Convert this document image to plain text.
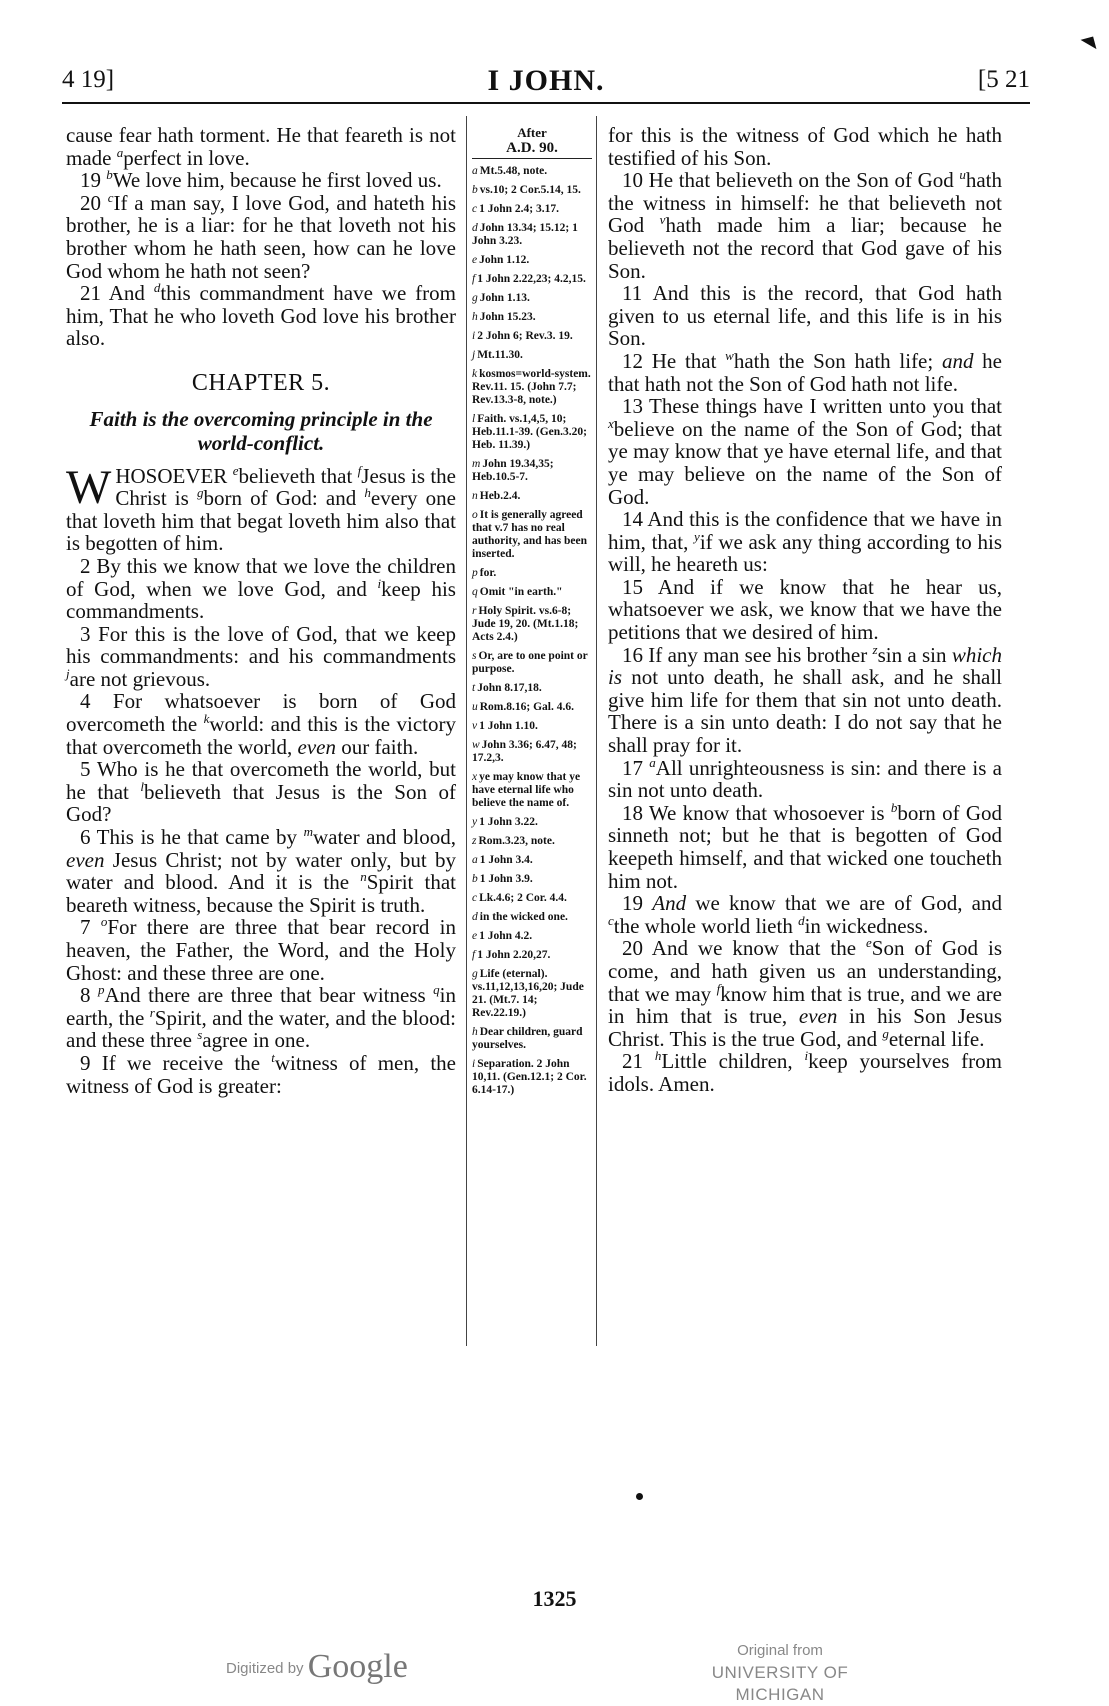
4 19]	I JOHN.	[5 21

cause fear hath torment. He that feareth is not made $^a$perfect in love.

19 $^b$We love him, because he first loved us.

20 $^c$If a man say, I love God, and hateth his brother, he is a liar: for he that loveth not his brother whom he hath seen, how can he love God whom he hath not seen?

21 And $^d$this commandment have we from him, That he who loveth God love his brother also.

CHAPTER 5.

Faith is the overcoming principle in the world-conflict.

WHOSOEVER $^e$believeth that $^f$Jesus is the Christ is $^g$born of God: and $^h$every one that loveth him that begat loveth him also that is begotten of him.

2 By this we know that we love the children of God, when we love God, and $^i$keep his commandments.

3 For this is the love of God, that we keep his commandments: and his commandments $^j$are not grievous.

4 For whatsoever is born of God overcometh the $^k$world: and this is the victory that overcometh the world, even our faith.

5 Who is he that overcometh the world, but he that $^l$believeth that Jesus is the Son of God?

6 This is he that came by $^m$water and blood, even Jesus Christ; not by water only, but by water and blood. And it is the $^n$Spirit that beareth witness, because the Spirit is truth.

7 $^o$For there are three that bear record in heaven, the Father, the Word, and the Holy Ghost: and these three are one.

8 $^p$And there are three that bear witness $^q$in earth, the $^r$Spirit, and the water, and the blood: and these three $^s$agree in one.

9 If we receive the $^t$witness of men, the witness of God is greater:

After
A.D. 90.
a Mt.5.48, note.
b vs.10; 2 Cor.5.14, 15.
c 1 John 2.4; 3.17.
d John 13.34; 15.12; 1 John 3.23.
e John 1.12.
f 1 John 2.22,23; 4.2,15.
g John 1.13.
h John 15.23.
i 2 John 6; Rev.3. 19.
j Mt.11.30.
k kosmos=world-system. Rev.11. 15. (John 7.7; Rev.13.3-8, note.)
l Faith. vs.1,4,5, 10; Heb.11.1-39. (Gen.3.20; Heb. 11.39.)
m John 19.34,35; Heb.10.5-7.
n Heb.2.4.
o It is generally agreed that v.7 has no real authority, and has been inserted.
p for.
q Omit "in earth."
r Holy Spirit. vs.6-8; Jude 19, 20. (Mt.1.18; Acts 2.4.)
s Or, are to one point or purpose.
t John 8.17,18.
u Rom.8.16; Gal. 4.6.
v 1 John 1.10.
w John 3.36; 6.47, 48; 17.2,3.
x ye may know that ye have eternal life who believe the name of.
y 1 John 3.22.
z Rom.3.23, note.
a 1 John 3.4.
b 1 John 3.9.
c Lk.4.6; 2 Cor. 4.4.
d in the wicked one.
e 1 John 4.2.
f 1 John 2.20,27.
g Life (eternal). vs.11,12,13,16,20; Jude 21. (Mt.7. 14; Rev.22.19.)
h Dear children, guard yourselves.
i Separation. 2 John 10,11. (Gen.12.1; 2 Cor. 6.14-17.)

for this is the witness of God which he hath testified of his Son.

10 He that believeth on the Son of God $^u$hath the witness in himself: he that believeth not God $^v$hath made him a liar; because he believeth not the record that God gave of his Son.

11 And this is the record, that God hath given to us eternal life, and this life is in his Son.

12 He that $^w$hath the Son hath life; and he that hath not the Son of God hath not life.

13 These things have I written unto you that $^x$believe on the name of the Son of God; that ye may know that ye have eternal life, and that ye may believe on the name of the Son of God.

14 And this is the confidence that we have in him, that, $^y$if we ask any thing according to his will, he heareth us:

15 And if we know that he hear us, whatsoever we ask, we know that we have the petitions that we desired of him.

16 If any man see his brother $^z$sin a sin which is not unto death, he shall ask, and he shall give him life for them that sin not unto death. There is a sin unto death: I do not say that he shall pray for it.

17 $^a$All unrighteousness is sin: and there is a sin not unto death.

18 We know that whosoever is $^b$born of God sinneth not; but he that is begotten of God keepeth himself, and that wicked one toucheth him not.

19 And we know that we are of God, and $^c$the whole world lieth $^d$in wickedness.

20 And we know that the $^e$Son of God is come, and hath given us an understanding, that we may $^f$know him that is true, and we are in him that is true, even in his Son Jesus Christ. This is the true God, and $^g$eternal life.

21 $^h$Little children, $^i$keep yourselves from idols. Amen.

1325
Digitized by Google	Original from
UNIVERSITY OF MICHIGAN
